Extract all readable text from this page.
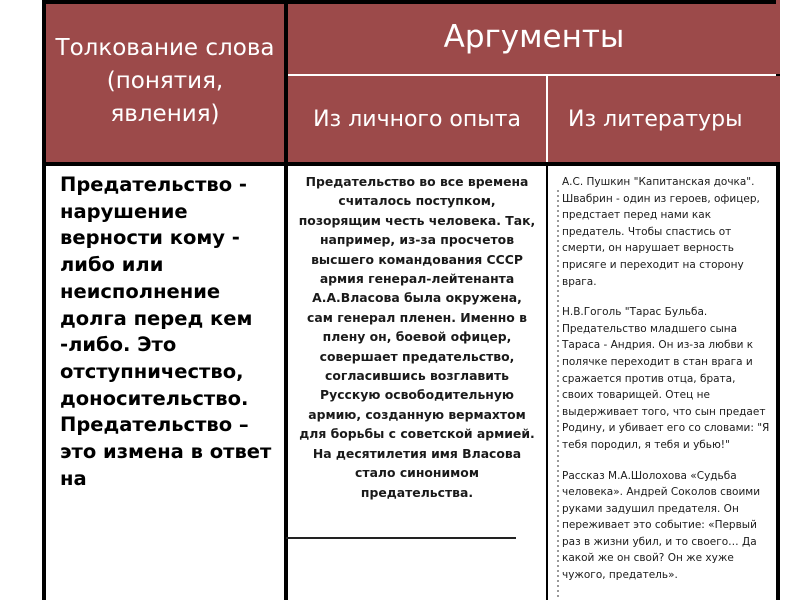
Толкование слова (понятия, явления)
Аргументы
Из личного опыта Из литературы
Предательство - нарушение верности кому - либо или неисполнение долга перед кем -либо. Это отступничество, доносительство. Предательство – это измена в ответ на
Предательство во все времена считалось поступком, позорящим честь человека. Так, например, из-за просчетов высшего командования СССР армия генерал-лейтенанта А.А.Власова была окружена, сам генерал пленен. Именно в плену он, боевой офицер, совершает предательство, согласившись возглавить Русскую освободительную армию, созданную вермахтом для борьбы с советской армией. На десятилетия имя Власова стало синонимом предательства.

А.С. Пушкин "Капитанская дочка". Швабрин - один из героев, офицер, предстает перед нами как предатель. Чтобы спастись от смерти, он нарушает верность присяге и переходит на сторону врага.

Н.В.Гоголь "Тарас Бульба. Предательство младшего сына Тараса - Андрия. Он из-за любви к полячке переходит в стан врага и сражается против отца, брата, своих товарищей. Отец не выдерживает того, что сын предает Родину, и убивает его со словами: "Я тебя породил, я тебя и убью!"

Рассказ М.А.Шолохова «Судьба человека». Андрей Соколов своими руками задушил предателя. Он переживает это событие: «Первый раз в жизни убил, и то своего… Да какой же он свой? Он же хуже чужого, предатель».
